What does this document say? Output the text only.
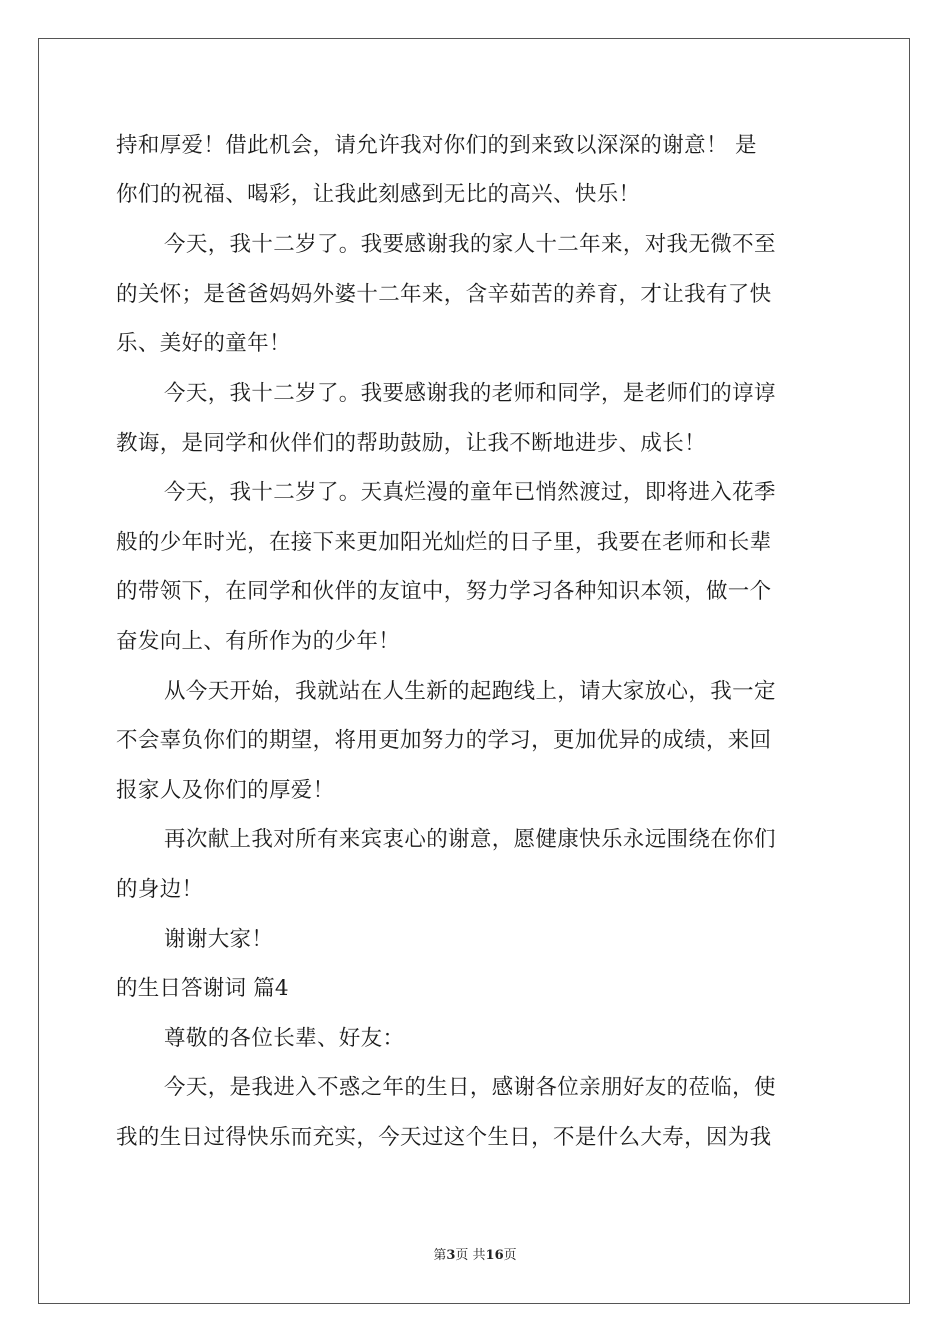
持和厚爱！借此机会，请允许我对你们的到来致以深深的谢意！ 是
你们的祝福、喝彩，让我此刻感到无比的高兴、快乐！
今天，我十二岁了。我要感谢我的家人十二年来，对我无微不至
的关怀；是爸爸妈妈外婆十二年来，含辛茹苦的养育，才让我有了快
乐、美好的童年！
今天，我十二岁了。我要感谢我的老师和同学，是老师们的谆谆
教诲，是同学和伙伴们的帮助鼓励，让我不断地进步、成长！
今天，我十二岁了。天真烂漫的童年已悄然渡过，即将进入花季
般的少年时光，在接下来更加阳光灿烂的日子里，我要在老师和长辈
的带领下，在同学和伙伴的友谊中，努力学习各种知识本领，做一个
奋发向上、有所作为的少年！
从今天开始，我就站在人生新的起跑线上，请大家放心，我一定
不会辜负你们的期望，将用更加努力的学习，更加优异的成绩，来回
报家人及你们的厚爱！
再次献上我对所有来宾衷心的谢意，愿健康快乐永远围绕在你们
的身边！
谢谢大家！
的生日答谢词 篇4
尊敬的各位长辈、好友：
今天，是我进入不惑之年的生日，感谢各位亲朋好友的莅临，使
我的生日过得快乐而充实，今天过这个生日，不是什么大寿，因为我
第3页 共16页
